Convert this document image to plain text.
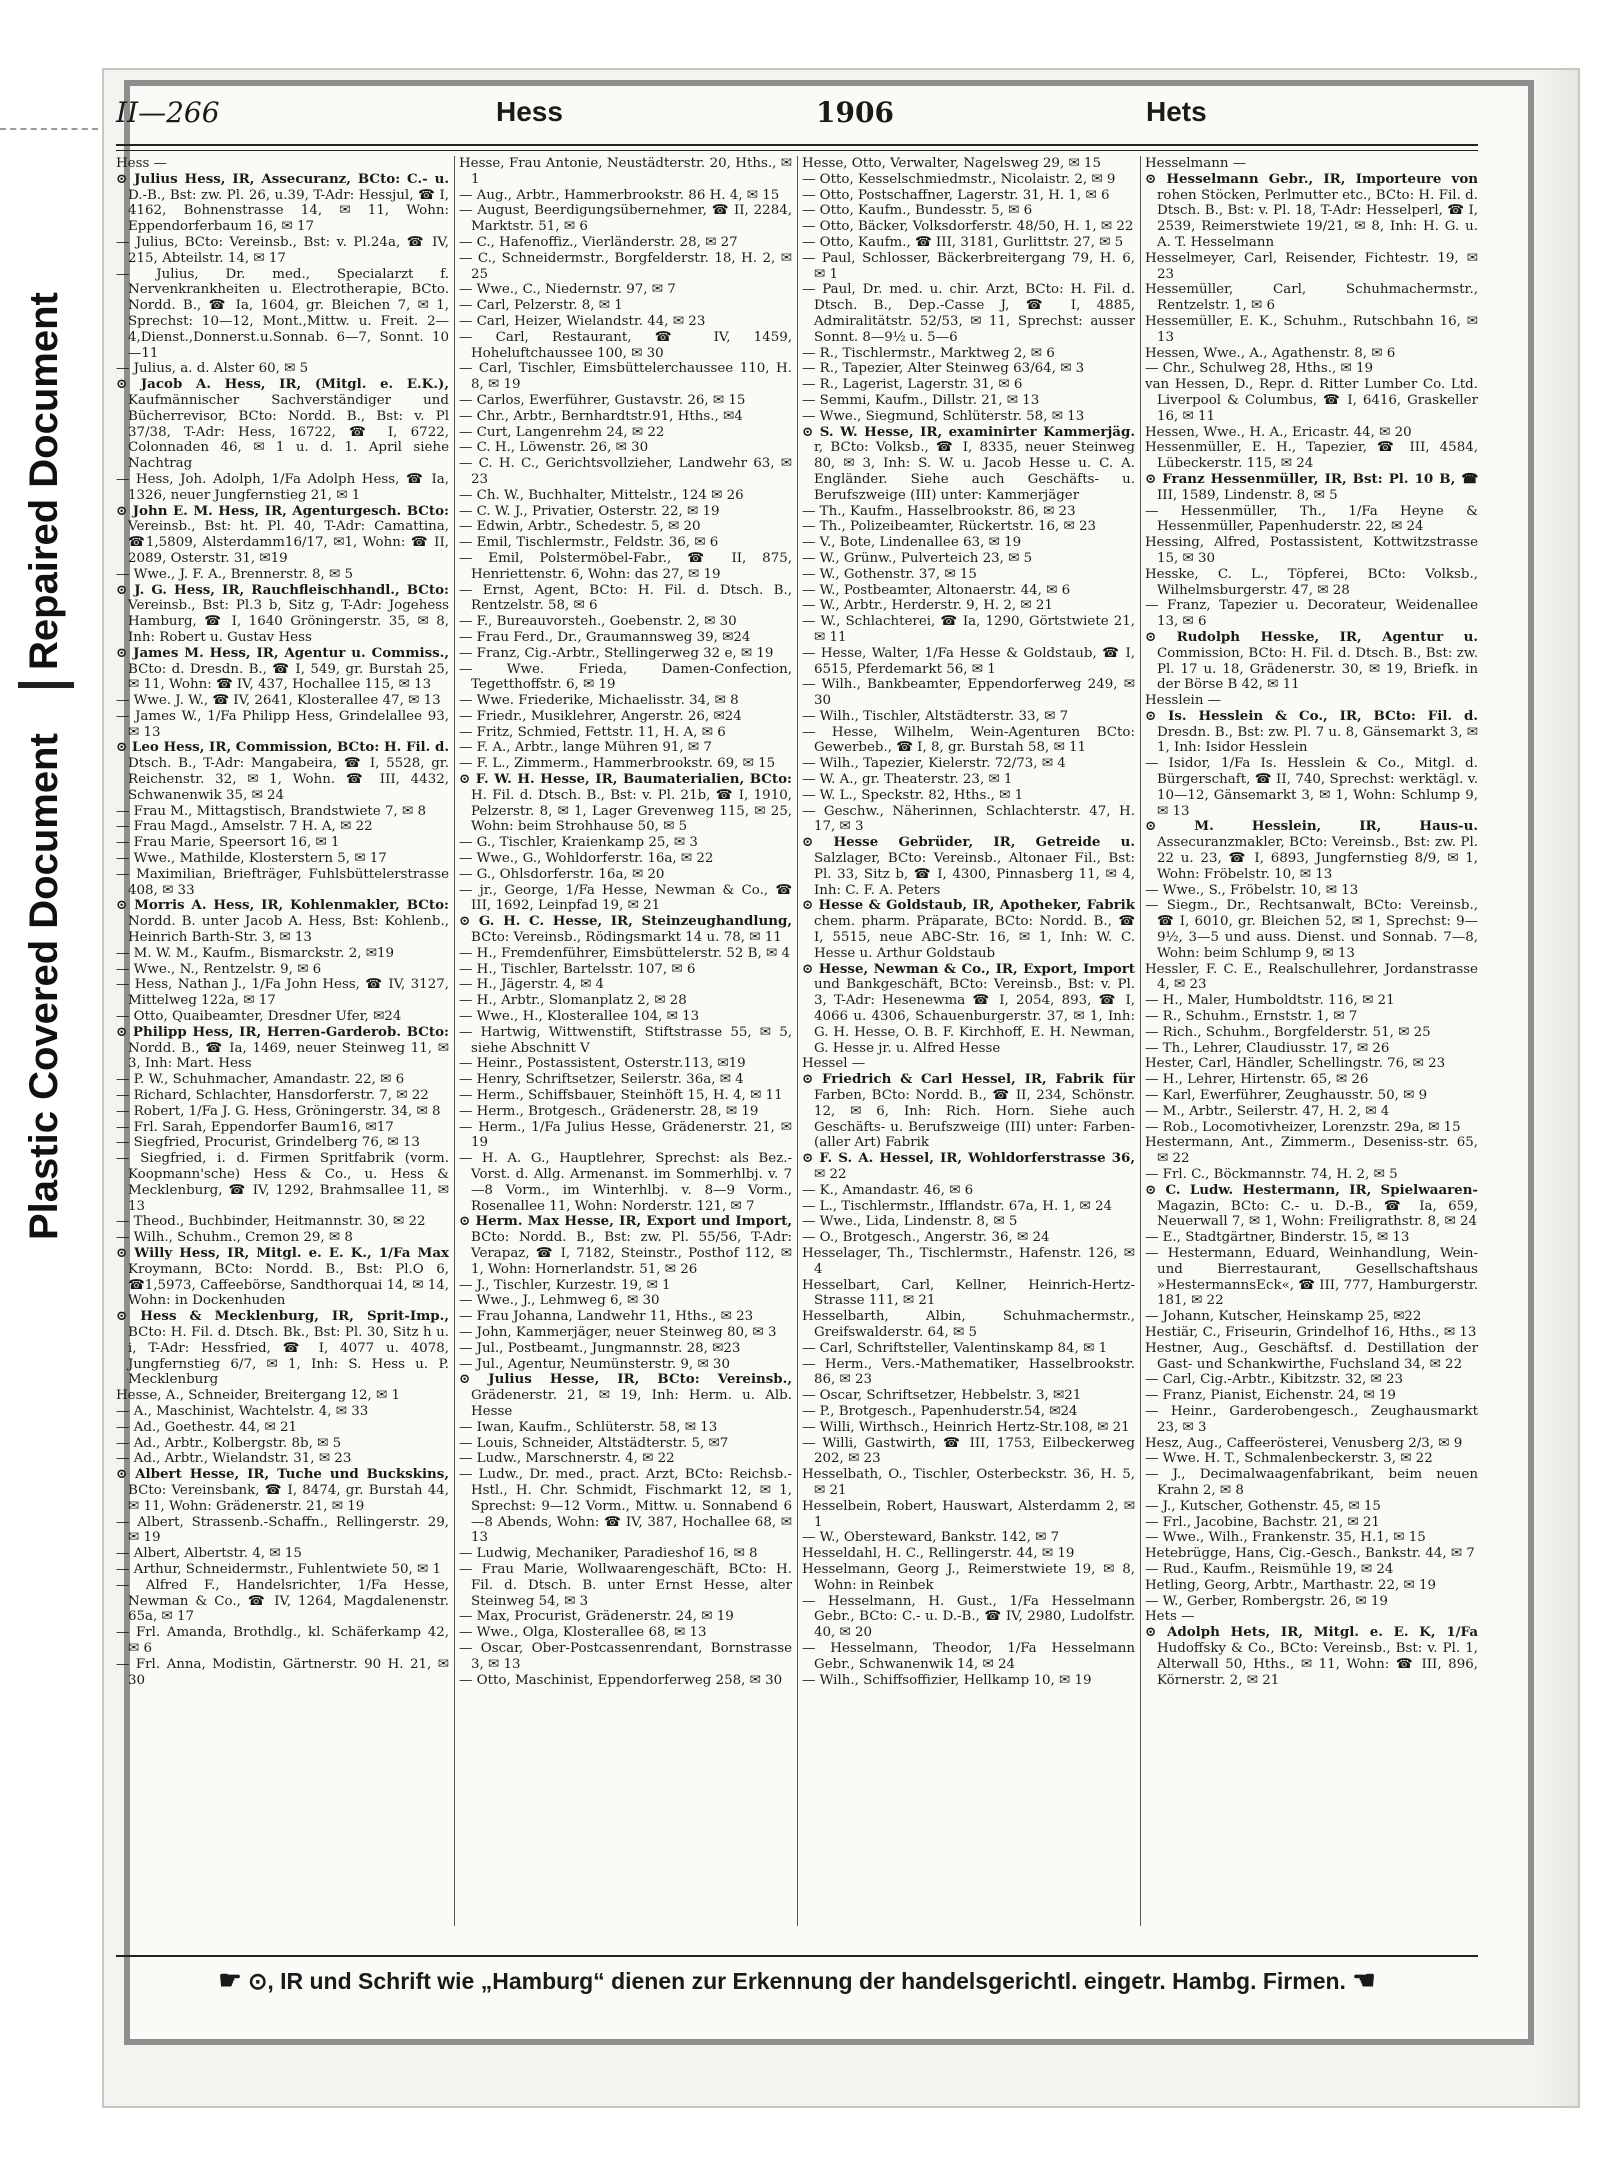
Repaired Document
Plastic Covered Document
II—266	Hess	1906	Hets

Hess —

⊙ Julius Hess, IR, Assecuranz, BCto: C.- u. D.-B., Bst: zw. Pl. 26, u.39, T-Adr: Hessjul, ☎ I, 4162, Bohnenstrasse 14, ✉ 11, Wohn: Eppendorferbaum 16, ✉ 17

— Julius, BCto: Vereinsb., Bst: v. Pl.24a, ☎ IV, 215, Abteilstr. 14, ✉ 17

— Julius, Dr. med., Specialarzt f. Nervenkrankheiten u. Electrotherapie, BCto. Nordd. B., ☎ Ia, 1604, gr. Bleichen 7, ✉ 1, Sprechst: 10—12, Mont.,Mittw. u. Freit. 2—4,Dienst.,Donnerst.u.Sonnab. 6—7, Sonnt. 10—11

— Julius, a. d. Alster 60, ✉ 5

⊙ Jacob A. Hess, IR, (Mitgl. e. E.K.), Kaufmännischer Sachverständiger und Bücherrevisor, BCto: Nordd. B., Bst: v. Pl 37/38, T-Adr: Hess, 16722, ☎ I, 6722, Colonnaden 46, ✉ 1 u. d. 1. April siehe Nachtrag

— Hess, Joh. Adolph, 1/Fa Adolph Hess, ☎ Ia, 1326, neuer Jungfernstieg 21, ✉ 1

⊙ John E. M. Hess, IR, Agenturgesch. BCto: Vereinsb., Bst: ht. Pl. 40, T-Adr: Camattina, ☎1,5809, Alsterdamm16/17, ✉1, Wohn: ☎ II, 2089, Osterstr. 31, ✉19

— Wwe., J. F. A., Brennerstr. 8, ✉ 5

⊙ J. G. Hess, IR, Rauchfleischhandl., BCto: Vereinsb., Bst: Pl.3 b, Sitz g, T-Adr: Jogehess Hamburg, ☎ I, 1640 Gröningerstr. 35, ✉ 8, Inh: Robert u. Gustav Hess

⊙ James M. Hess, IR, Agentur u. Commiss., BCto: d. Dresdn. B., ☎ I, 549, gr. Burstah 25, ✉ 11, Wohn: ☎ IV, 437, Hochallee 115, ✉ 13

— Wwe. J. W., ☎ IV, 2641, Klosterallee 47, ✉ 13

— James W., 1/Fa Philipp Hess, Grindelallee 93, ✉ 13

⊙ Leo Hess, IR, Commission, BCto: H. Fil. d. Dtsch. B., T-Adr: Mangabeira, ☎ I, 5528, gr. Reichenstr. 32, ✉ 1, Wohn. ☎ III, 4432, Schwanenwik 35, ✉ 24

— Frau M., Mittagstisch, Brandstwiete 7, ✉ 8

— Frau Magd., Amselstr. 7 H. A, ✉ 22

— Frau Marie, Speersort 16, ✉ 1

— Wwe., Mathilde, Klosterstern 5, ✉ 17

— Maximilian, Briefträger, Fuhlsbüttelerstrasse 408, ✉ 33

⊙ Morris A. Hess, IR, Kohlenmakler, BCto: Nordd. B. unter Jacob A. Hess, Bst: Kohlenb., Heinrich Barth-Str. 3, ✉ 13

— M. W. M., Kaufm., Bismarckstr. 2, ✉19

— Wwe., N., Rentzelstr. 9, ✉ 6

— Hess, Nathan J., 1/Fa John Hess, ☎ IV, 3127, Mittelweg 122a, ✉ 17

— Otto, Quaibeamter, Dresdner Ufer, ✉24

⊙ Philipp Hess, IR, Herren-Garderob. BCto: Nordd. B., ☎ Ia, 1469, neuer Steinweg 11, ✉ 3, Inh: Mart. Hess

— P. W., Schuhmacher, Amandastr. 22, ✉ 6

— Richard, Schlachter, Hansdorferstr. 7, ✉ 22

— Robert, 1/Fa J. G. Hess, Gröningerstr. 34, ✉ 8

— Frl. Sarah, Eppendorfer Baum16, ✉17

— Siegfried, Procurist, Grindelberg 76, ✉ 13

— Siegfried, i. d. Firmen Spritfabrik (vorm. Koopmann'sche) Hess & Co., u. Hess & Mecklenburg, ☎ IV, 1292, Brahmsallee 11, ✉ 13

— Theod., Buchbinder, Heitmannstr. 30, ✉ 22

— Wilh., Schuhm., Cremon 29, ✉ 8

⊙ Willy Hess, IR, Mitgl. e. E. K., 1/Fa Max Kroymann, BCto: Nordd. B., Bst: Pl.O 6, ☎1,5973, Caffeebörse, Sandthorquai 14, ✉ 14, Wohn: in Dockenhuden

⊙ Hess & Mecklenburg, IR, Sprit-Imp., BCto: H. Fil. d. Dtsch. Bk., Bst: Pl. 30, Sitz h u. i, T-Adr: Hessfried, ☎ I, 4077 u. 4078, Jungfernstieg 6/7, ✉ 1, Inh: S. Hess u. P. Mecklenburg

Hesse, A., Schneider, Breitergang 12, ✉ 1

— A., Maschinist, Wachtelstr. 4, ✉ 33

— Ad., Goethestr. 44, ✉ 21

— Ad., Arbtr., Kolbergstr. 8b, ✉ 5

— Ad., Arbtr., Wielandstr. 31, ✉ 23

⊙ Albert Hesse, IR, Tuche und Buckskins, BCto: Vereinsbank, ☎ I, 8474, gr. Burstah 44, ✉ 11, Wohn: Grädenerstr. 21, ✉ 19

— Albert, Strassenb.-Schaffn., Rellingerstr. 29, ✉ 19

— Albert, Albertstr. 4, ✉ 15

— Arthur, Schneidermstr., Fuhlentwiete 50, ✉ 1

— Alfred F., Handelsrichter, 1/Fa Hesse, Newman & Co., ☎ IV, 1264, Magdalenenstr. 65a, ✉ 17

— Frl. Amanda, Brothdlg., kl. Schäferkamp 42, ✉ 6

— Frl. Anna, Modistin, Gärtnerstr. 90 H. 21, ✉ 30

Hesse, Frau Antonie, Neustädterstr. 20, Hths., ✉ 1

— Aug., Arbtr., Hammerbrookstr. 86 H. 4, ✉ 15

— August, Beerdigungsübernehmer, ☎ II, 2284, Marktstr. 51, ✉ 6

— C., Hafenoffiz., Vierländerstr. 28, ✉ 27

— C., Schneidermstr., Borgfelderstr. 18, H. 2, ✉ 25

— Wwe., C., Niedernstr. 97, ✉ 7

— Carl, Pelzerstr. 8, ✉ 1

— Carl, Heizer, Wielandstr. 44, ✉ 23

— Carl, Restaurant, ☎ IV, 1459, Hoheluftchaussee 100, ✉ 30

— Carl, Tischler, Eimsbüttelerchaussee 110, H. 8, ✉ 19

— Carlos, Ewerführer, Gustavstr. 26, ✉ 15

— Chr., Arbtr., Bernhardtstr.91, Hths., ✉4

— Curt, Langenrehm 24, ✉ 22

— C. H., Löwenstr. 26, ✉ 30

— C. H. C., Gerichtsvollzieher, Landwehr 63, ✉ 23

— Ch. W., Buchhalter, Mittelstr., 124 ✉ 26

— C. W. J., Privatier, Osterstr. 22, ✉ 19

— Edwin, Arbtr., Schedestr. 5, ✉ 20

— Emil, Tischlermstr., Feldstr. 36, ✉ 6

— Emil, Polstermöbel-Fabr., ☎ II, 875, Henriettenstr. 6, Wohn: das 27, ✉ 19

— Ernst, Agent, BCto: H. Fil. d. Dtsch. B., Rentzelstr. 58, ✉ 6

— F., Bureauvorsteh., Goebenstr. 2, ✉ 30

— Frau Ferd., Dr., Graumannsweg 39, ✉24

— Franz, Cig.-Arbtr., Stellingerweg 32 e, ✉ 19

— Wwe. Frieda, Damen-Confection, Tegetthoffstr. 6, ✉ 19

— Wwe. Friederike, Michaelisstr. 34, ✉ 8

— Friedr., Musiklehrer, Angerstr. 26, ✉24

— Fritz, Schmied, Fettstr. 11, H. A, ✉ 6

— F. A., Arbtr., lange Mühren 91, ✉ 7

— F. L., Zimmerm., Hammerbrookstr. 69, ✉ 15

⊙ F. W. H. Hesse, IR, Baumaterialien, BCto: H. Fil. d. Dtsch. B., Bst: v. Pl. 21b, ☎ I, 1910, Pelzerstr. 8, ✉ 1, Lager Grevenweg 115, ✉ 25, Wohn: beim Strohhause 50, ✉ 5

— G., Tischler, Kraienkamp 25, ✉ 3

— Wwe., G., Wohldorferstr. 16a, ✉ 22

— G., Ohlsdorferstr. 16a, ✉ 20

— jr., George, 1/Fa Hesse, Newman & Co., ☎ III, 1692, Leinpfad 19, ✉ 21

⊙ G. H. C. Hesse, IR, Steinzeughandlung, BCto: Vereinsb., Rödingsmarkt 14 u. 78, ✉ 11

— H., Fremdenführer, Eimsbüttelerstr. 52 B, ✉ 4

— H., Tischler, Bartelsstr. 107, ✉ 6

— H., Jägerstr. 4, ✉ 4

— H., Arbtr., Slomanplatz 2, ✉ 28

— Wwe., H., Klosterallee 104, ✉ 13

— Hartwig, Wittwenstift, Stiftstrasse 55, ✉ 5, siehe Abschnitt V

— Heinr., Postassistent, Osterstr.113, ✉19

— Henry, Schriftsetzer, Seilerstr. 36a, ✉ 4

— Herm., Schiffsbauer, Steinhöft 15, H. 4, ✉ 11

— Herm., Brotgesch., Grädenerstr. 28, ✉ 19

— Herm., 1/Fa Julius Hesse, Grädenerstr. 21, ✉ 19

— H. A. G., Hauptlehrer, Sprechst: als Bez.-Vorst. d. Allg. Armenanst. im Sommerhlbj. v. 7—8 Vorm., im Winterhlbj. v. 8—9 Vorm., Rosenallee 11, Wohn: Norderstr. 121, ✉ 7

⊙ Herm. Max Hesse, IR, Export und Import, BCto: Nordd. B., Bst: zw. Pl. 55/56, T-Adr: Verapaz, ☎ I, 7182, Steinstr., Posthof 112, ✉ 1, Wohn: Hornerlandstr. 51, ✉ 26

— J., Tischler, Kurzestr. 19, ✉ 1

— Wwe., J., Lehmweg 6, ✉ 30

— Frau Johanna, Landwehr 11, Hths., ✉ 23

— John, Kammerjäger, neuer Steinweg 80, ✉ 3

— Jul., Postbeamt., Jungmannstr. 28, ✉23

— Jul., Agentur, Neumünsterstr. 9, ✉ 30

⊙ Julius Hesse, IR, BCto: Vereinsb., Grädenerstr. 21, ✉ 19, Inh: Herm. u. Alb. Hesse

— Iwan, Kaufm., Schlüterstr. 58, ✉ 13

— Louis, Schneider, Altstädterstr. 5, ✉7

— Ludw., Marschnerstr. 4, ✉ 22

— Ludw., Dr. med., pract. Arzt, BCto: Reichsb.-Hstl., H. Chr. Schmidt, Fischmarkt 12, ✉ 1, Sprechst: 9—12 Vorm., Mittw. u. Sonnabend 6—8 Abends, Wohn: ☎ IV, 387, Hochallee 68, ✉ 13

— Ludwig, Mechaniker, Paradieshof 16, ✉ 8

— Frau Marie, Wollwaarengeschäft, BCto: H. Fil. d. Dtsch. B. unter Ernst Hesse, alter Steinweg 54, ✉ 3

— Max, Procurist, Grädenerstr. 24, ✉ 19

— Wwe., Olga, Klosterallee 68, ✉ 13

— Oscar, Ober-Postcassenrendant, Bornstrasse 3, ✉ 13

— Otto, Maschinist, Eppendorferweg 258, ✉ 30

Hesse, Otto, Verwalter, Nagelsweg 29, ✉ 15

— Otto, Kesselschmiedmstr., Nicolaistr. 2, ✉ 9

— Otto, Postschaffner, Lagerstr. 31, H. 1, ✉ 6

— Otto, Kaufm., Bundesstr. 5, ✉ 6

— Otto, Bäcker, Volksdorferstr. 48/50, H. 1, ✉ 22

— Otto, Kaufm., ☎ III, 3181, Gurlittstr. 27, ✉ 5

— Paul, Schlosser, Bäckerbreitergang 79, H. 6, ✉ 1

— Paul, Dr. med. u. chir. Arzt, BCto: H. Fil. d. Dtsch. B., Dep.-Casse J, ☎ I, 4885, Admiralitätstr. 52/53, ✉ 11, Sprechst: ausser Sonnt. 8—9½ u. 5—6

— R., Tischlermstr., Marktweg 2, ✉ 6

— R., Tapezier, Alter Steinweg 63/64, ✉ 3

— R., Lagerist, Lagerstr. 31, ✉ 6

— Semmi, Kaufm., Dillstr. 21, ✉ 13

— Wwe., Siegmund, Schlüterstr. 58, ✉ 13

⊙ S. W. Hesse, IR, examinirter Kammerjäg. r, BCto: Volksb., ☎ I, 8335, neuer Steinweg 80, ✉ 3, Inh: S. W. u. Jacob Hesse u. C. A. Engländer. Siehe auch Geschäfts- u. Berufszweige (III) unter: Kammerjäger

— Th., Kaufm., Hasselbrookstr. 86, ✉ 23

— Th., Polizeibeamter, Rückertstr. 16, ✉ 23

— V., Bote, Lindenallee 63, ✉ 19

— W., Grünw., Pulverteich 23, ✉ 5

— W., Gothenstr. 37, ✉ 15

— W., Postbeamter, Altonaerstr. 44, ✉ 6

— W., Arbtr., Herderstr. 9, H. 2, ✉ 21

— W., Schlachterei, ☎ Ia, 1290, Görtstwiete 21, ✉ 11

— Hesse, Walter, 1/Fa Hesse & Goldstaub, ☎ I, 6515, Pferdemarkt 56, ✉ 1

— Wilh., Bankbeamter, Eppendorferweg 249, ✉ 30

— Wilh., Tischler, Altstädterstr. 33, ✉ 7

— Hesse, Wilhelm, Wein-Agenturen BCto: Gewerbeb., ☎ I, 8, gr. Burstah 58, ✉ 11

— Wilh., Tapezier, Kielerstr. 72/73, ✉ 4

— W. A., gr. Theaterstr. 23, ✉ 1

— W. L., Speckstr. 82, Hths., ✉ 1

— Geschw., Näherinnen, Schlachterstr. 47, H. 17, ✉ 3

⊙ Hesse Gebrüder, IR, Getreide u. Salzlager, BCto: Vereinsb., Altonaer Fil., Bst: Pl. 33, Sitz b, ☎ I, 4300, Pinnasberg 11, ✉ 4, Inh: C. F. A. Peters

⊙ Hesse & Goldstaub, IR, Apotheker, Fabrik chem. pharm. Präparate, BCto: Nordd. B., ☎ I, 5515, neue ABC-Str. 16, ✉ 1, Inh: W. C. Hesse u. Arthur Goldstaub

⊙ Hesse, Newman & Co., IR, Export, Import und Bankgeschäft, BCto: Vereinsb., Bst: v. Pl. 3, T-Adr: Hesenewma ☎ I, 2054, 893, ☎ I, 4066 u. 4306, Schauenburgerstr. 37, ✉ 1, Inh: G. H. Hesse, O. B. F. Kirchhoff, E. H. Newman, G. Hesse jr. u. Alfred Hesse

Hessel —

⊙ Friedrich & Carl Hessel, IR, Fabrik für Farben, BCto: Nordd. B., ☎ II, 234, Schönstr. 12, ✉ 6, Inh: Rich. Horn. Siehe auch Geschäfts- u. Berufszweige (III) unter: Farben- (aller Art) Fabrik

⊙ F. S. A. Hessel, IR, Wohldorferstrasse 36, ✉ 22

— K., Amandastr. 46, ✉ 6

— L., Tischlermstr., Ifflandstr. 67a, H. 1, ✉ 24

— Wwe., Lida, Lindenstr. 8, ✉ 5

— O., Brotgesch., Angerstr. 36, ✉ 24

Hesselager, Th., Tischlermstr., Hafenstr. 126, ✉ 4

Hesselbart, Carl, Kellner, Heinrich-Hertz-Strasse 111, ✉ 21

Hesselbarth, Albin, Schuhmachermstr., Greifswalderstr. 64, ✉ 5

— Carl, Schriftsteller, Valentinskamp 84, ✉ 1

— Herm., Vers.-Mathematiker, Hasselbrookstr. 86, ✉ 23

— Oscar, Schriftsetzer, Hebbelstr. 3, ✉21

— P., Brotgesch., Papenhuderstr.54, ✉24

— Willi, Wirthsch., Heinrich Hertz-Str.108, ✉ 21

— Willi, Gastwirth, ☎ III, 1753, Eilbeckerweg 202, ✉ 23

Hesselbath, O., Tischler, Osterbeckstr. 36, H. 5, ✉ 21

Hesselbein, Robert, Hauswart, Alsterdamm 2, ✉ 1

— W., Obersteward, Bankstr. 142, ✉ 7

Hesseldahl, H. C., Rellingerstr. 44, ✉ 19

Hesselmann, Georg J., Reimerstwiete 19, ✉ 8, Wohn: in Reinbek

— Hesselmann, H. Gust., 1/Fa Hesselmann Gebr., BCto: C.- u. D.-B., ☎ IV, 2980, Ludolfstr. 40, ✉ 20

— Hesselmann, Theodor, 1/Fa Hesselmann Gebr., Schwanenwik 14, ✉ 24

— Wilh., Schiffsoffizier, Hellkamp 10, ✉ 19

Hesselmann —

⊙ Hesselmann Gebr., IR, Importeure von rohen Stöcken, Perlmutter etc., BCto: H. Fil. d. Dtsch. B., Bst: v. Pl. 18, T-Adr: Hesselperl, ☎ I, 2539, Reimerstwiete 19/21, ✉ 8, Inh: H. G. u. A. T. Hesselmann

Hesselmeyer, Carl, Reisender, Fichtestr. 19, ✉ 23

Hessemüller, Carl, Schuhmachermstr., Rentzelstr. 1, ✉ 6

Hessemüller, E. K., Schuhm., Rutschbahn 16, ✉ 13

Hessen, Wwe., A., Agathenstr. 8, ✉ 6

— Chr., Schulweg 28, Hths., ✉ 19

van Hessen, D., Repr. d. Ritter Lumber Co. Ltd. Liverpool & Columbus, ☎ I, 6416, Graskeller 16, ✉ 11

Hessen, Wwe., H. A., Ericastr. 44, ✉ 20

Hessenmüller, E. H., Tapezier, ☎ III, 4584, Lübeckerstr. 115, ✉ 24

⊙ Franz Hessenmüller, IR, Bst: Pl. 10 B, ☎ III, 1589, Lindenstr. 8, ✉ 5

— Hessenmüller, Th., 1/Fa Heyne & Hessenmüller, Papenhuderstr. 22, ✉ 24

Hessing, Alfred, Postassistent, Kottwitzstrasse 15, ✉ 30

Hesske, C. L., Töpferei, BCto: Volksb., Wilhelmsburgerstr. 47, ✉ 28

— Franz, Tapezier u. Decorateur, Weidenallee 13, ✉ 6

⊙ Rudolph Hesske, IR, Agentur u. Commission, BCto: H. Fil. d. Dtsch. B., Bst: zw. Pl. 17 u. 18, Grädenerstr. 30, ✉ 19, Briefk. in der Börse B 42, ✉ 11

Hesslein —

⊙ Is. Hesslein & Co., IR, BCto: Fil. d. Dresdn. B., Bst: zw. Pl. 7 u. 8, Gänsemarkt 3, ✉ 1, Inh: Isidor Hesslein

— Isidor, 1/Fa Is. Hesslein & Co., Mitgl. d. Bürgerschaft, ☎ II, 740, Sprechst: werktägl. v. 10—12, Gänsemarkt 3, ✉ 1, Wohn: Schlump 9, ✉ 13

⊙ M. Hesslein, IR, Haus-u. Assecuranzmakler, BCto: Vereinsb., Bst: zw. Pl. 22 u. 23, ☎ I, 6893, Jungfernstieg 8/9, ✉ 1, Wohn: Fröbelstr. 10, ✉ 13

— Wwe., S., Fröbelstr. 10, ✉ 13

— Siegm., Dr., Rechtsanwalt, BCto: Vereinsb., ☎ I, 6010, gr. Bleichen 52, ✉ 1, Sprechst: 9—9½, 3—5 und auss. Dienst. und Sonnab. 7—8, Wohn: beim Schlump 9, ✉ 13

Hessler, F. C. E., Realschullehrer, Jordanstrasse 4, ✉ 23

— H., Maler, Humboldtstr. 116, ✉ 21

— R., Schuhm., Ernststr. 1, ✉ 7

— Rich., Schuhm., Borgfelderstr. 51, ✉ 25

— Th., Lehrer, Claudiusstr. 17, ✉ 26

Hester, Carl, Händler, Schellingstr. 76, ✉ 23

— H., Lehrer, Hirtenstr. 65, ✉ 26

— Karl, Ewerführer, Zeughausstr. 50, ✉ 9

— M., Arbtr., Seilerstr. 47, H. 2, ✉ 4

— Rob., Locomotivheizer, Lorenzstr. 29a, ✉ 15

Hestermann, Ant., Zimmerm., Deseniss-str. 65, ✉ 22

— Frl. C., Böckmannstr. 74, H. 2, ✉ 5

⊙ C. Ludw. Hestermann, IR, Spielwaaren-Magazin, BCto: C.- u. D.-B., ☎ Ia, 659, Neuerwall 7, ✉ 1, Wohn: Freiligrathstr. 8, ✉ 24

— E., Stadtgärtner, Binderstr. 15, ✉ 13

— Hestermann, Eduard, Weinhandlung, Wein- und Bierrestaurant, Gesellschaftshaus »HestermannsEck«, ☎ III, 777, Hamburgerstr. 181, ✉ 22

— Johann, Kutscher, Heinskamp 25, ✉22

Hestiär, C., Friseurin, Grindelhof 16, Hths., ✉ 13

Hestner, Aug., Geschäftsf. d. Destillation der Gast- und Schankwirthe, Fuchsland 34, ✉ 22

— Carl, Cig.-Arbtr., Kibitzstr. 32, ✉ 23

— Franz, Pianist, Eichenstr. 24, ✉ 19

— Heinr., Garderobengesch., Zeughausmarkt 23, ✉ 3

Hesz, Aug., Caffeerösterei, Venusberg 2/3, ✉ 9

— Wwe. H. T., Schmalenbeckerstr. 3, ✉ 22

— J., Decimalwaagenfabrikant, beim neuen Krahn 2, ✉ 8

— J., Kutscher, Gothenstr. 45, ✉ 15

— Frl., Jacobine, Bachstr. 21, ✉ 21

— Wwe., Wilh., Frankenstr. 35, H.1, ✉ 15

Hetebrügge, Hans, Cig.-Gesch., Bankstr. 44, ✉ 7

— Rud., Kaufm., Reismühle 19, ✉ 24

Hetling, Georg, Arbtr., Marthastr. 22, ✉ 19

— W., Gerber, Rombergstr. 26, ✉ 19

Hets —

⊙ Adolph Hets, IR, Mitgl. e. E. K, 1/Fa Hudoffsky & Co., BCto: Vereinsb., Bst: v. Pl. 1, Alterwall 50, Hths., ✉ 11, Wohn: ☎ III, 896, Körnerstr. 2, ✉ 21

☛ ⊙, IR und Schrift wie „Hamburg“ dienen zur Erkennung der handelsgerichtl. eingetr. Hambg. Firmen. ☚
